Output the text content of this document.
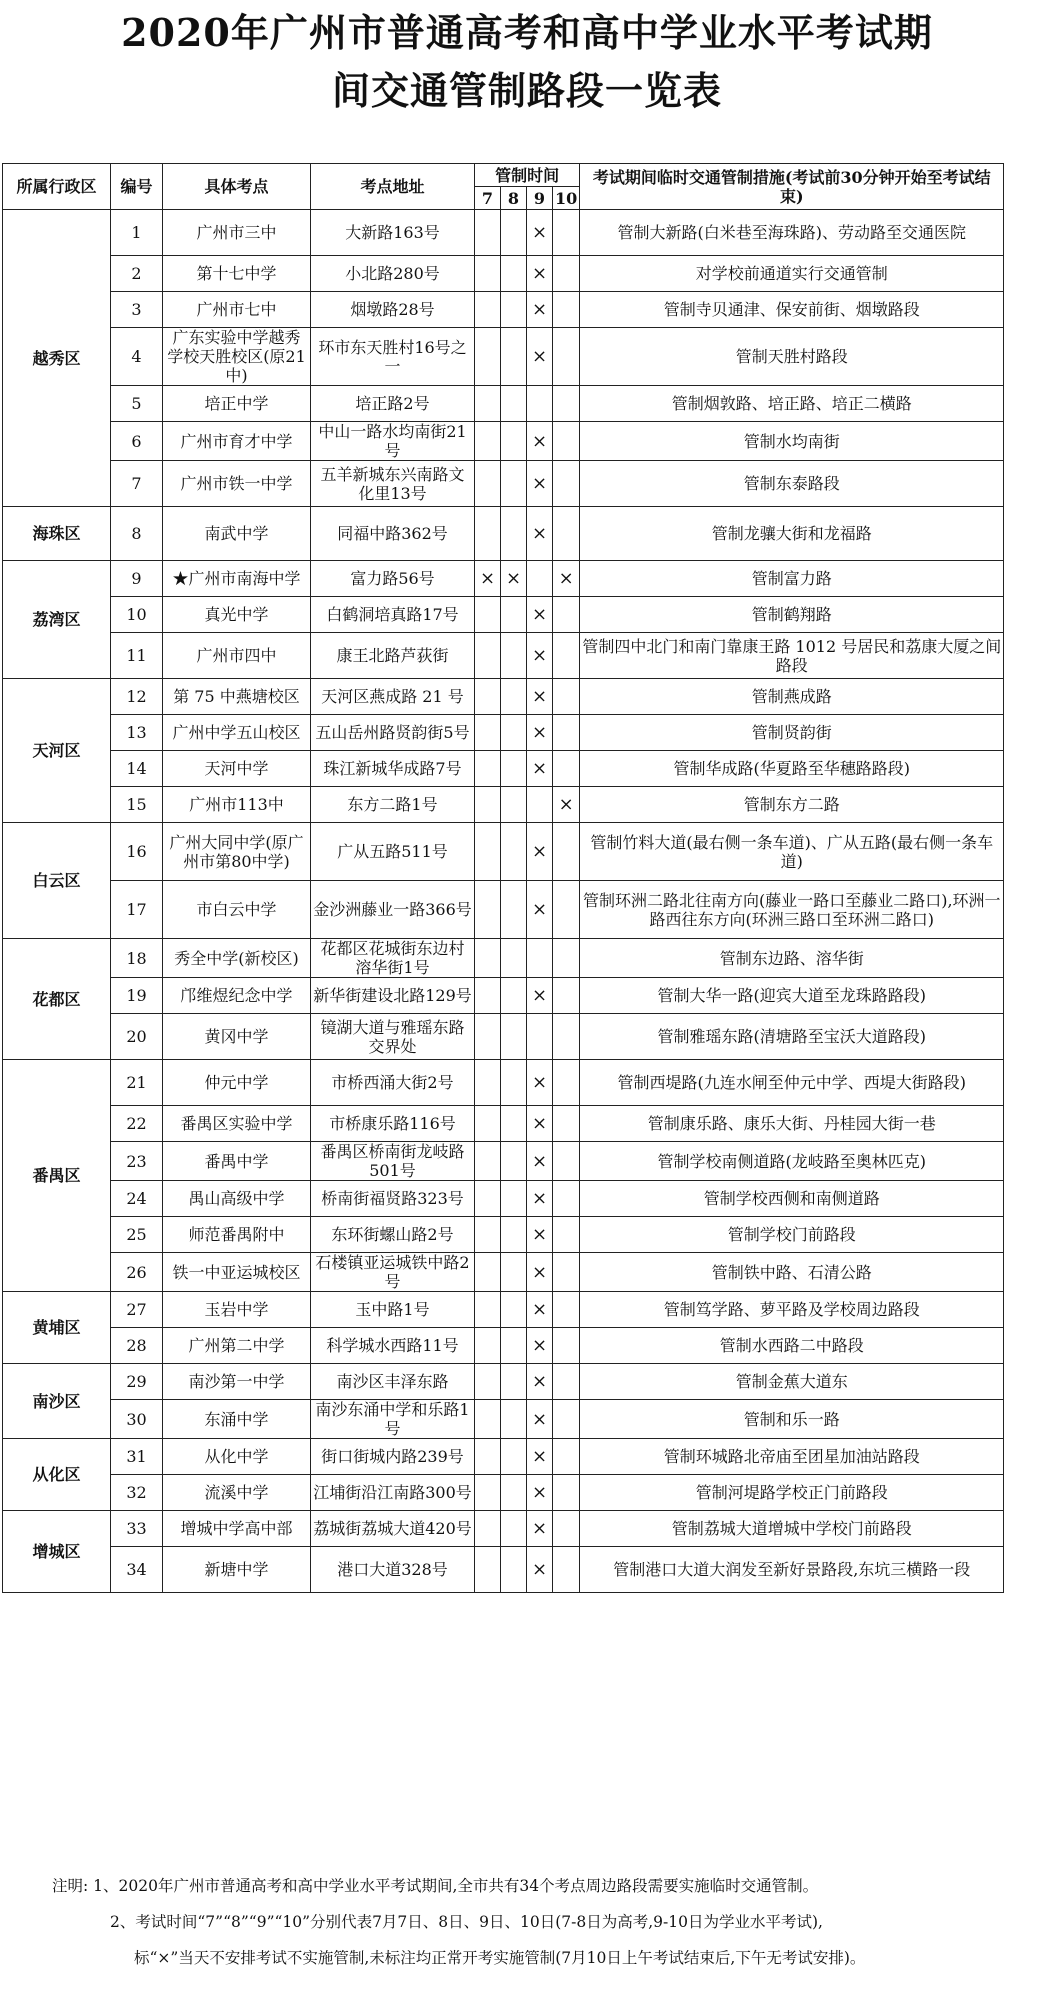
2020年广州市普通高考和高中学业水平考试期
间交通管制路段一览表
所属行政区	编号	具体考点	考点地址	管制时间				考试期间临时交通管制措施(考试前30分钟开始至考试结束)
				7	8	9	10	
越秀区	1	广州市三中	大新路163号			×		管制大新路(白米巷至海珠路)、劳动路至交通医院
	2	第十七中学	小北路280号			×		对学校前通道实行交通管制
	3	广州市七中	烟墩路28号			×		管制寺贝通津、保安前街、烟墩路段
	4	广东实验中学越秀学校天胜校区(原21中)	环市东天胜村16号之一			×		管制天胜村路段
	5	培正中学	培正路2号					管制烟敦路、培正路、培正二横路
	6	广州市育才中学	中山一路水均南街21号			×		管制水均南街
	7	广州市铁一中学	五羊新城东兴南路文化里13号			×		管制东泰路段
海珠区	8	南武中学	同福中路362号			×		管制龙骧大街和龙福路
荔湾区	9	★广州市南海中学	富力路56号	×	×		×	管制富力路
	10	真光中学	白鹤洞培真路17号			×		管制鹤翔路
	11	广州市四中	康王北路芦荻街			×		管制四中北门和南门靠康王路 1012 号居民和荔康大厦之间路段
天河区	12	第 75 中燕塘校区	天河区燕成路 21 号			×		管制燕成路
	13	广州中学五山校区	五山岳州路贤韵街5号			×		管制贤韵街
	14	天河中学	珠江新城华成路7号			×		管制华成路(华夏路至华穗路路段)
	15	广州市113中	东方二路1号				×	管制东方二路
白云区	16	广州大同中学(原广州市第80中学)	广从五路511号			×		管制竹料大道(最右侧一条车道)、广从五路(最右侧一条车道)
	17	市白云中学	金沙洲藤业一路366号			×		管制环洲二路北往南方向(藤业一路口至藤业二路口),环洲一路西往东方向(环洲三路口至环洲二路口)
花都区	18	秀全中学(新校区)	花都区花城街东边村溶华街1号					管制东边路、溶华街
	19	邝维煜纪念中学	新华街建设北路129号			×		管制大华一路(迎宾大道至龙珠路路段)
	20	黄冈中学	镜湖大道与雅瑶东路交界处					管制雅瑶东路(清塘路至宝沃大道路段)
番禺区	21	仲元中学	市桥西涌大街2号			×		管制西堤路(九连水闸至仲元中学、西堤大街路段)
	22	番禺区实验中学	市桥康乐路116号			×		管制康乐路、康乐大街、丹桂园大街一巷
	23	番禺中学	番禺区桥南街龙岐路501号			×		管制学校南侧道路(龙岐路至奥林匹克)
	24	禺山高级中学	桥南街福贤路323号			×		管制学校西侧和南侧道路
	25	师范番禺附中	东环街螺山路2号			×		管制学校门前路段
	26	铁一中亚运城校区	石楼镇亚运城铁中路2号			×		管制铁中路、石清公路
黄埔区	27	玉岩中学	玉中路1号			×		管制笃学路、萝平路及学校周边路段
	28	广州第二中学	科学城水西路11号			×		管制水西路二中路段
南沙区	29	南沙第一中学	南沙区丰泽东路			×		管制金蕉大道东
	30	东涌中学	南沙东涌中学和乐路1号			×		管制和乐一路
从化区	31	从化中学	街口街城内路239号			×		管制环城路北帝庙至团星加油站路段
	32	流溪中学	江埔街沿江南路300号			×		管制河堤路学校正门前路段
增城区	33	增城中学高中部	荔城街荔城大道420号			×		管制荔城大道增城中学校门前路段
	34	新塘中学	港口大道328号			×		管制港口大道大润发至新好景路段,东坑三横路一段
注明: 1、2020年广州市普通高考和高中学业水平考试期间,全市共有34个考点周边路段需要实施临时交通管制。
2、考试时间“7”“8”“9”“10”分别代表7月7日、8日、9日、10日(7-8日为高考,9-10日为学业水平考试),
标“×”当天不安排考试不实施管制,未标注均正常开考实施管制(7月10日上午考试结束后,下午无考试安排)。
